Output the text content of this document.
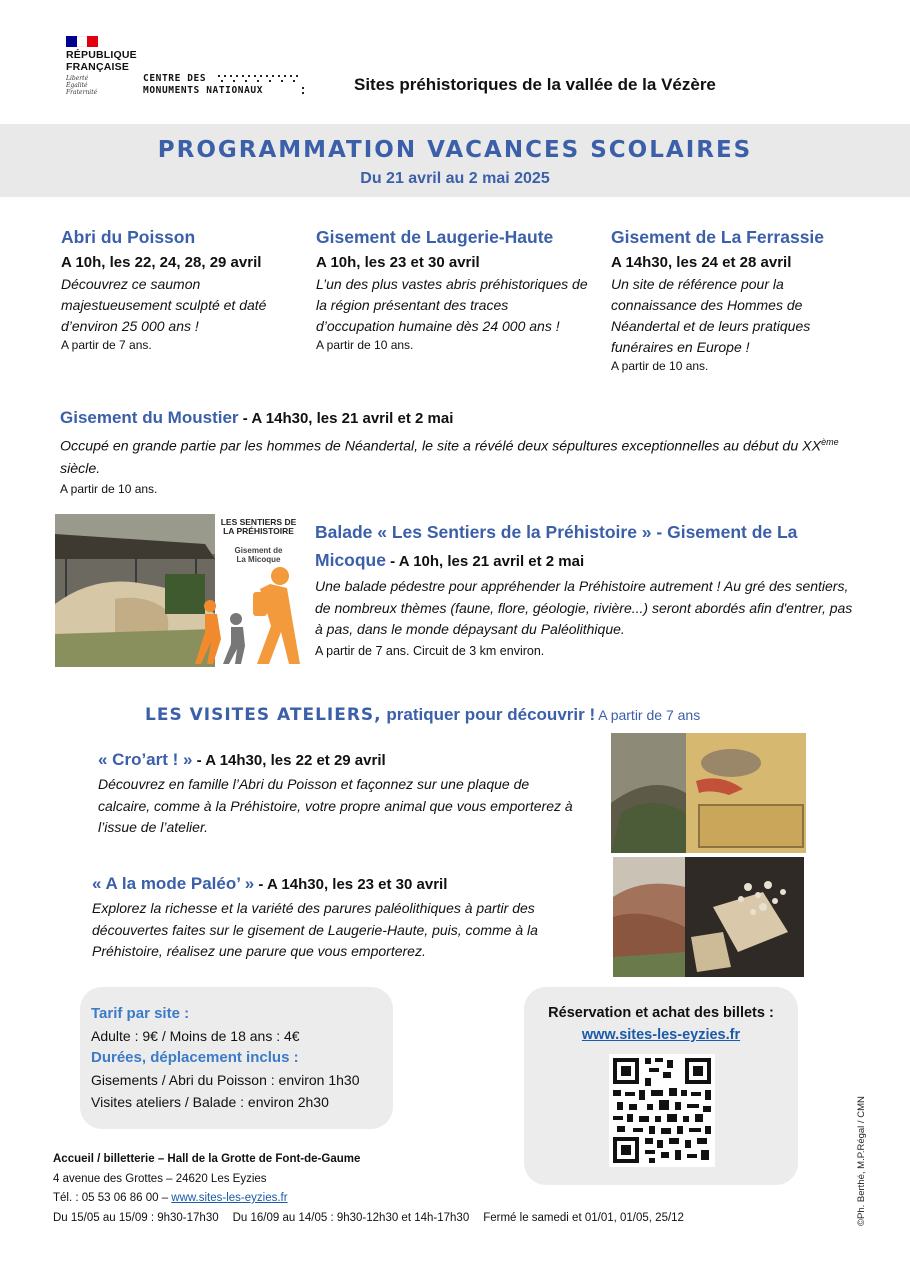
RÉPUBLIQUE
FRANÇAISE
Liberté
Égalité
Fraternité
CENTRE DES
MONUMENTS NATIONAUX	Sites préhistoriques de la vallée de la Vézère
PROGRAMMATION VACANCES SCOLAIRES
Du 21 avril au 2 mai 2025
Abri du Poisson
A 10h, les 22, 24, 28, 29 avril
Découvrez ce saumon majestueusement sculpté et daté d’environ 25 000 ans !
A partir de 7 ans.
Gisement de Laugerie-Haute
A 10h, les 23 et 30 avril
L’un des plus vastes abris préhistoriques de la région présentant des traces d’occupation humaine dès 24 000 ans !
A partir de 10 ans.
Gisement de La Ferrassie
A 14h30, les 24 et 28 avril
Un site de référence pour la connaissance des Hommes de Néandertal et de leurs pratiques funéraires en Europe !
A partir de 10 ans.
Gisement du Moustier - A 14h30, les 21 avril et 2 mai
Occupé en grande partie par les hommes de Néandertal, le site a révélé deux sépultures exceptionnelles au début du XXème siècle.
A partir de 10 ans.
LES SENTIERS DE
LA PRÉHISTOIRE
Gisement de
La Micoque
Balade « Les Sentiers de la Préhistoire » - Gisement de La Micoque - A 10h, les 21 avril et 2 mai
Une balade pédestre pour appréhender la Préhistoire autrement ! Au gré des sentiers, de nombreux thèmes (faune, flore, géologie, rivière...) seront abordés afin d'entrer, pas à pas, dans le monde dépaysant du Paléolithique.
A partir de 7 ans. Circuit de 3 km environ.
LES VISITES ATELIERS, pratiquer pour découvrir ! A partir de 7 ans
« Cro’art ! » - A 14h30, les 22 et 29 avril
Découvrez en famille l’Abri du Poisson et façonnez sur une plaque de calcaire, comme à la Préhistoire, votre propre animal que vous emporterez à l’issue de l’atelier.
« A la mode Paléo’ » - A 14h30, les 23 et 30 avril
Explorez la richesse et la variété des parures paléolithiques à partir des découvertes faites sur le gisement de Laugerie-Haute, puis, comme à la Préhistoire, réalisez une parure que vous emporterez.
Tarif par site :
Adulte : 9€ / Moins de 18 ans : 4€
Durées, déplacement inclus :
Gisements / Abri du Poisson : environ 1h30
Visites ateliers / Balade : environ 2h30
Réservation et achat des billets :
www.sites-les-eyzies.fr
Accueil / billetterie – Hall de la Grotte de Font-de-Gaume
4 avenue des Grottes – 24620 Les Eyzies
Tél. : 05 53 06 86 00 – www.sites-les-eyzies.fr
Du 15/05 au 15/09 : 9h30-17h30 Du 16/09 au 14/05 : 9h30-12h30 et 14h-17h30 Fermé le samedi et 01/01, 01/05, 25/12	©Ph. Berthé, M.P.Régal / CMN
